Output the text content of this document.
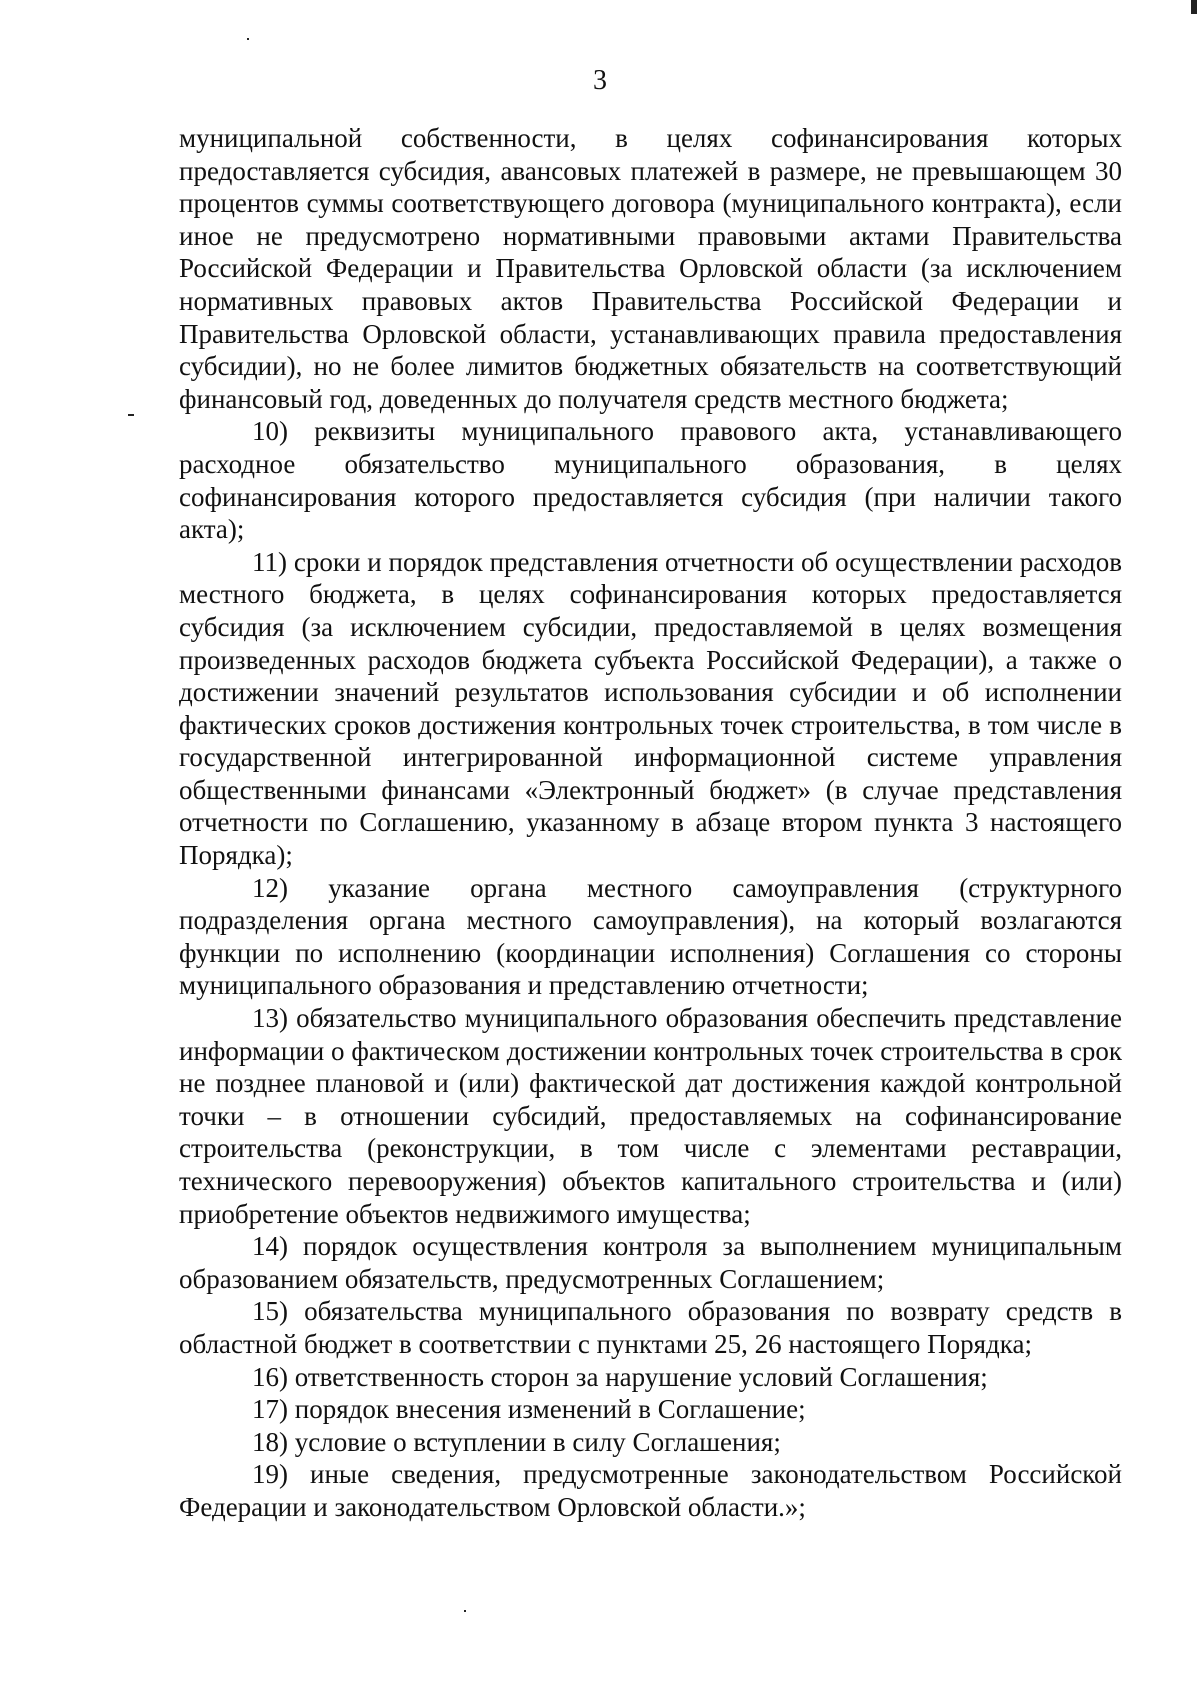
3

муниципальной собственности, в целях софинансирования которых предоставляется субсидия, авансовых платежей в размере, не превышающем 30 процентов суммы соответствующего договора (муниципального контракта), если иное не предусмотрено нормативными правовыми актами Правительства Российской Федерации и Правительства Орловской области (за исключением нормативных правовых актов Правительства Российской Федерации и Правительства Орловской области, устанавливающих правила предоставления субсидии), но не более лимитов бюджетных обязательств на соответствующий финансовый год, доведенных до получателя средств местного бюджета;

10) реквизиты муниципального правового акта, устанавливающего расходное обязательство муниципального образования, в целях софинансирования которого предоставляется субсидия (при наличии такого акта);

11) сроки и порядок представления отчетности об осуществлении расходов местного бюджета, в целях софинансирования которых предоставляется субсидия (за исключением субсидии, предоставляемой в целях возмещения произведенных расходов бюджета субъекта Российской Федерации), а также о достижении значений результатов использования субсидии и об исполнении фактических сроков достижения контрольных точек строительства, в том числе в государственной интегрированной информационной системе управления общественными финансами «Электронный бюджет» (в случае представления отчетности по Соглашению, указанному в абзаце втором пункта 3 настоящего Порядка);

12) указание органа местного самоуправления (структурного подразделения органа местного самоуправления), на который возлагаются функции по исполнению (координации исполнения) Соглашения со стороны муниципального образования и представлению отчетности;

13) обязательство муниципального образования обеспечить представление информации о фактическом достижении контрольных точек строительства в срок не позднее плановой и (или) фактической дат достижения каждой контрольной точки – в отношении субсидий, предоставляемых на софинансирование строительства (реконструкции, в том числе с элементами реставрации, технического перевооружения) объектов капитального строительства и (или) приобретение объектов недвижимого имущества;

14) порядок осуществления контроля за выполнением муниципальным образованием обязательств, предусмотренных Соглашением;

15) обязательства муниципального образования по возврату средств в областной бюджет в соответствии с пунктами 25, 26 настоящего Порядка;

16) ответственность сторон за нарушение условий Соглашения;

17) порядок внесения изменений в Соглашение;

18) условие о вступлении в силу Соглашения;

19) иные сведения, предусмотренные законодательством Российской Федерации и законодательством Орловской области.»;
